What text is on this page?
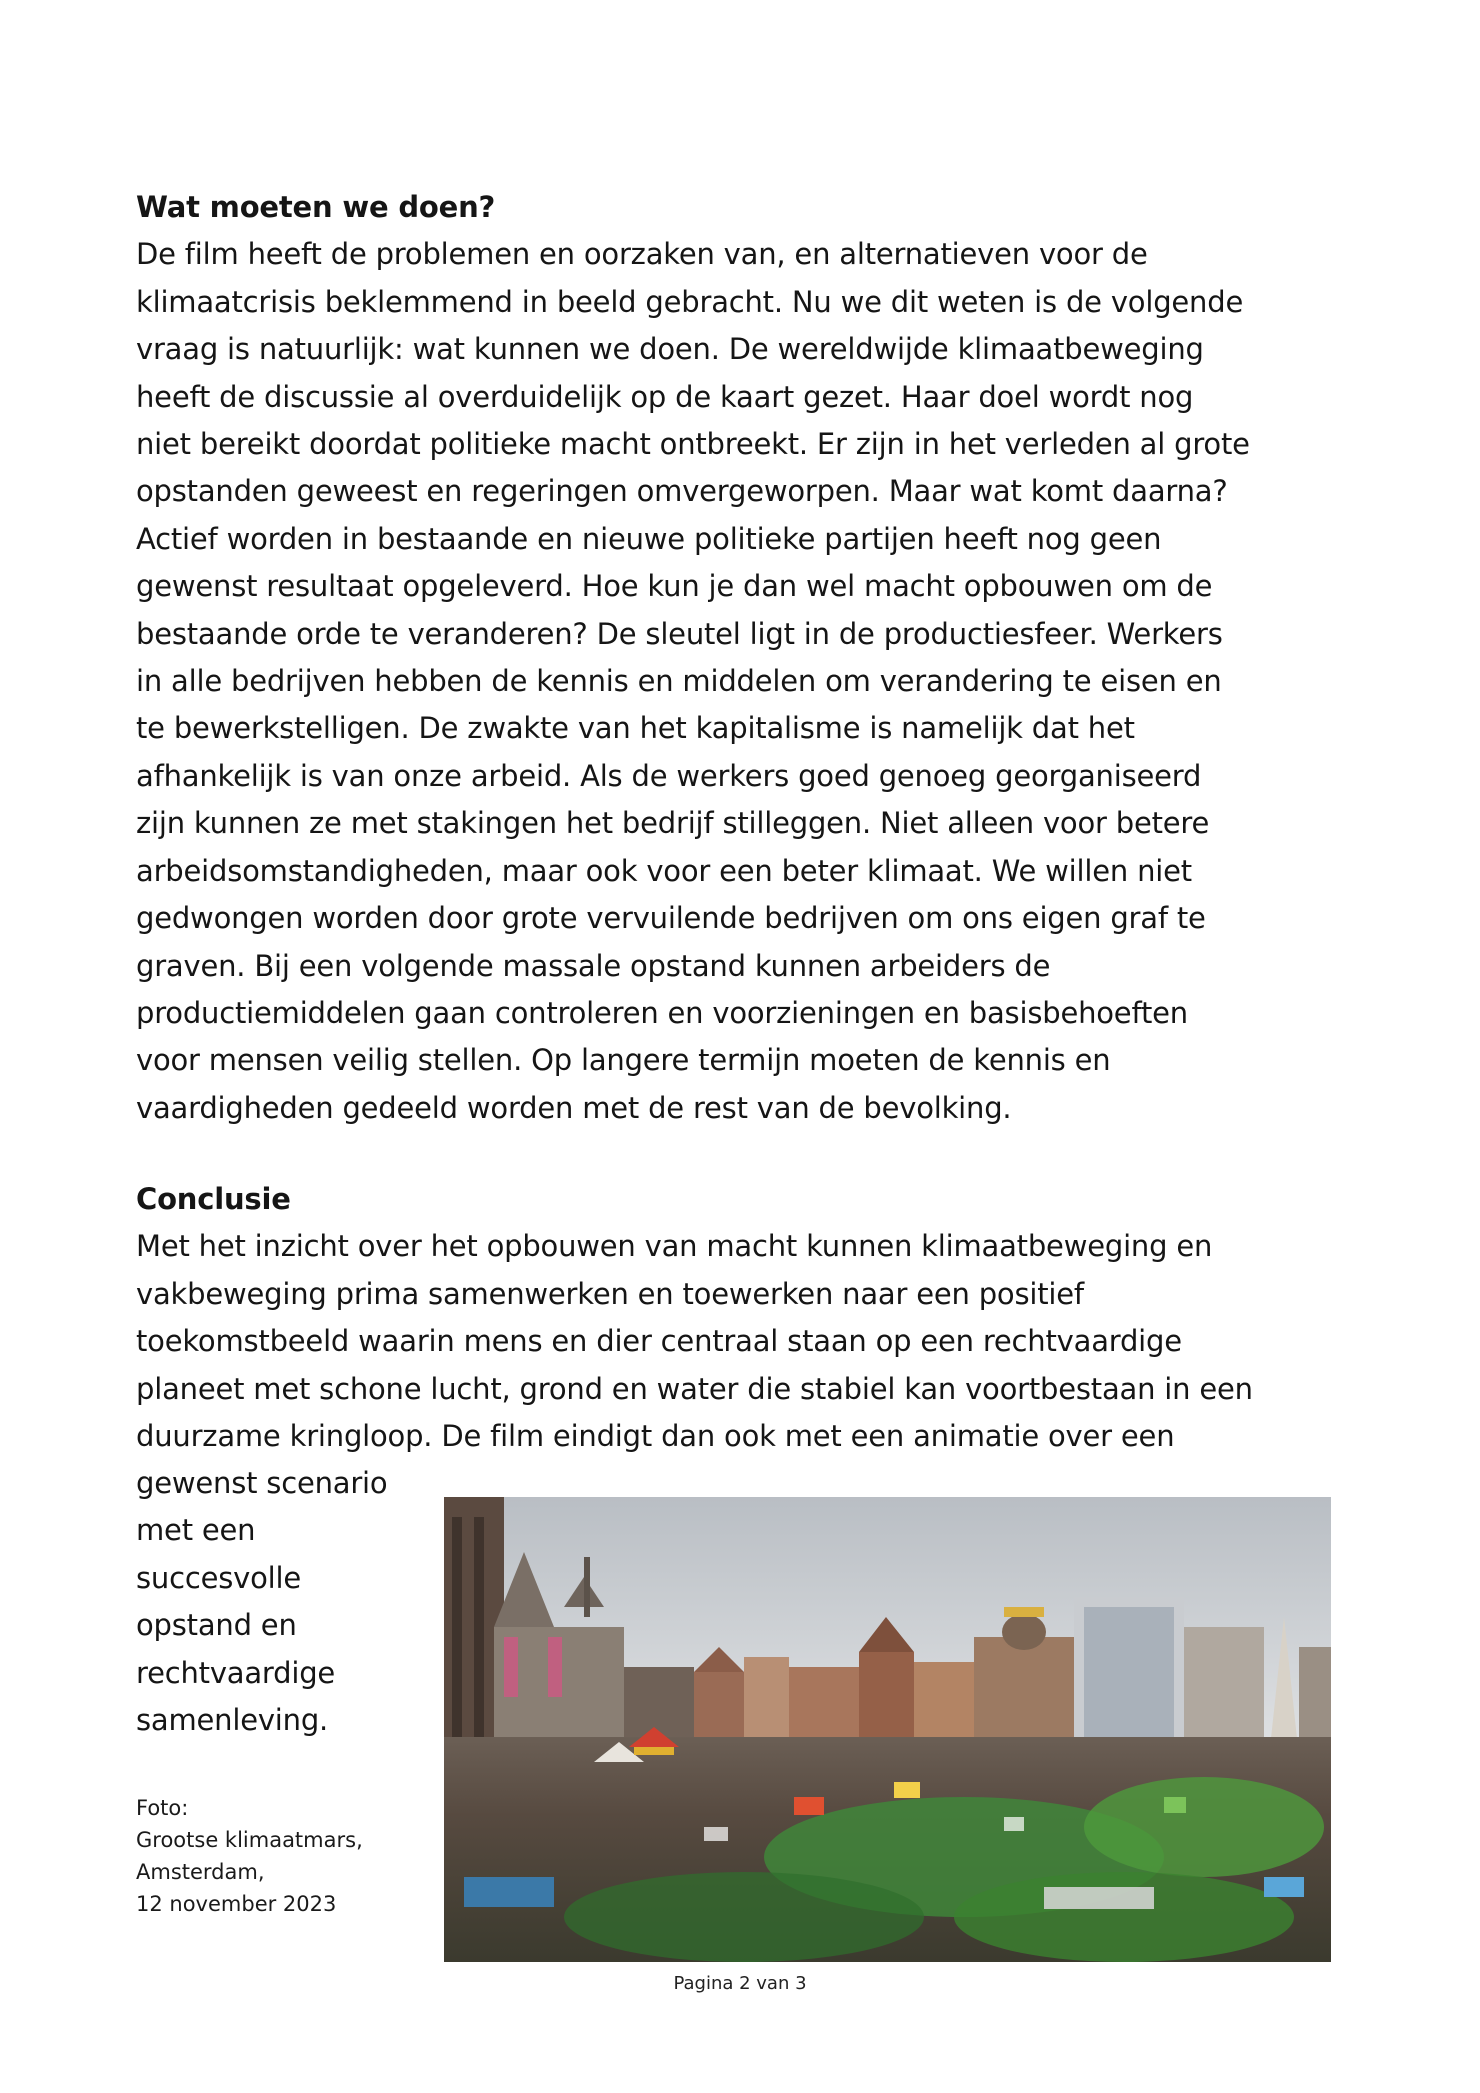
Wat moeten we doen?

De film heeft de problemen en oorzaken van, en alternatieven voor de
klimaatcrisis beklemmend in beeld gebracht. Nu we dit weten is de volgende
vraag is natuurlijk: wat kunnen we doen. De wereldwijde klimaatbeweging
heeft de discussie al overduidelijk op de kaart gezet. Haar doel wordt nog
niet bereikt doordat politieke macht ontbreekt. Er zijn in het verleden al grote
opstanden geweest en regeringen omvergeworpen. Maar wat komt daarna?
Actief worden in bestaande en nieuwe politieke partijen heeft nog geen
gewenst resultaat opgeleverd. Hoe kun je dan wel macht opbouwen om de
bestaande orde te veranderen? De sleutel ligt in de productiesfeer. Werkers
in alle bedrijven hebben de kennis en middelen om verandering te eisen en
te bewerkstelligen. De zwakte van het kapitalisme is namelijk dat het
afhankelijk is van onze arbeid. Als de werkers goed genoeg georganiseerd
zijn kunnen ze met stakingen het bedrijf stilleggen. Niet alleen voor betere
arbeidsomstandigheden, maar ook voor een beter klimaat. We willen niet
gedwongen worden door grote vervuilende bedrijven om ons eigen graf te
graven. Bij een volgende massale opstand kunnen arbeiders de
productiemiddelen gaan controleren en voorzieningen en basisbehoeften
voor mensen veilig stellen. Op langere termijn moeten de kennis en
vaardigheden gedeeld worden met de rest van de bevolking.

Conclusie

Met het inzicht over het opbouwen van macht kunnen klimaatbeweging en
vakbeweging prima samenwerken en toewerken naar een positief
toekomstbeeld waarin mens en dier centraal staan op een rechtvaardige
planeet met schone lucht, grond en water die stabiel kan voortbestaan in een
duurzame kringloop. De film eindigt dan ook met een animatie over een

gewenst scenario
met een
succesvolle
opstand en
rechtvaardige
samenleving.
Foto:
Grootse klimaatmars,
Amsterdam,
12 november 2023
Pagina 2 van 3
